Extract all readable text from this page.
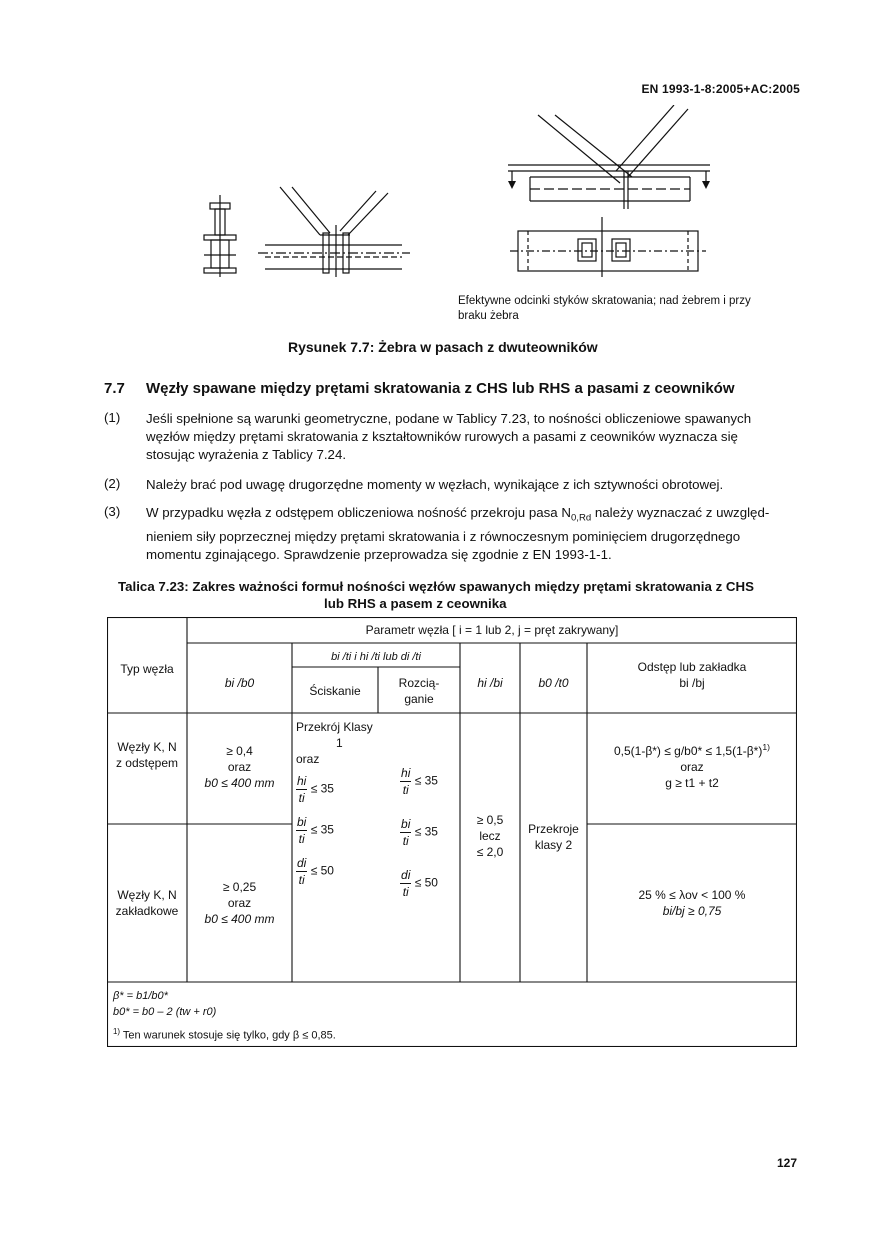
EN 1993-1-8:2005+AC:2005
Efektywne odcinki styków skratowania; nad żebrem i przy
braku żebra
Rysunek 7.7: Żebra w pasach z dwuteowników
7.7 Węzły spawane między prętami skratowania z CHS lub RHS a pasami z ceowników
(1) Jeśli spełnione są warunki geometryczne, podane w Tablicy 7.23, to nośności obliczeniowe spawanych
węzłów między prętami skratowania z kształtowników rurowych a pasami z ceowników wyznacza się
stosując wyrażenia z Tablicy 7.24.
(2) Należy brać pod uwagę drugorzędne momenty w węzłach, wynikające z ich sztywności obrotowej.
(3) W przypadku węzła z odstępem obliczeniowa nośność przekroju pasa $N_{0,Rd}$ należy wyznaczać z uwzględ-
nieniem siły poprzecznej między prętami skratowania i z równoczesnym pominięciem drugorzędnego
momentu zginającego. Sprawdzenie przeprowadza się zgodnie z EN 1993-1-1.
Talica 7.23: Zakres ważności formuł nośności węzłów spawanych między prętami skratowania z CHS
lub RHS a pasem z ceownika
Parametr węzła [ i = 1 lub 2, j = pręt zakrywany]
Typ węzła
bi /b0
bi /ti i hi /ti lub di /ti
Ściskanie
Rozcią-ganie
hi /bi	b0 /t0
Odstęp lub zakładka
bi /bj
Węzły K, N
z odstępem
≥ 0,4
oraz
b0 ≤ 400 mm
$0,5(1-\beta*) \le g/b0* \le 1,5(1-\beta*)^{1)}$
oraz
g ≥ t1 + t2
Węzły K, N
zakładkowe
≥ 0,25
oraz
b0 ≤ 400 mm
25 % ≤ λov < 100 %
bi/bj ≥ 0,75
Przekrój Klasy
1
oraz
$\frac{hi}{ti} \le 35$
$\frac{bi}{ti} \le 35$
$\frac{di}{ti} \le 50$
$\frac{hi}{ti} \le 35$
$\frac{bi}{ti} \le 35$
$\frac{di}{ti} \le 50$
≥ 0,5
lecz
≤ 2,0
Przekroje
klasy 2
β* = b1/b0*
b0* = b0 – 2 (tw + r0)
$^{1)}$ Ten warunek stosuje się tylko, gdy β ≤ 0,85.
127
